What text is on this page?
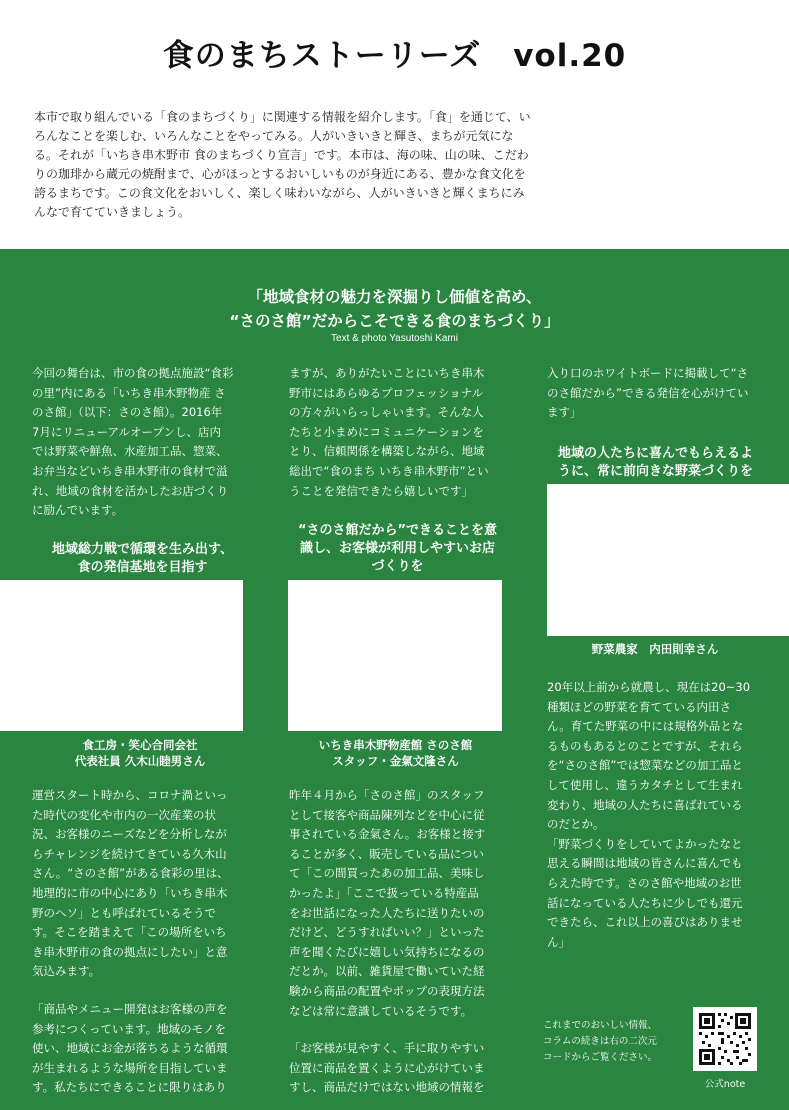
食のまちストーリーズ　vol.20
本市で取り組んでいる「食のまちづくり」に関連する情報を紹介します。「食」を通じて、いろんなことを楽しむ、いろんなことをやってみる。人がいきいきと輝き、まちが元気になる。それが「いちき串木野市 食のまちづくり宣言」です。本市は、海の味、山の味、こだわりの珈琲から蔵元の焼酎まで、心がほっとするおいしいものが身近にある、豊かな食文化を誇るまちです。この食文化をおいしく、楽しく味わいながら、人がいきいきと輝くまちにみんなで育てていきましょう。
「地域食材の魅力を深掘りし価値を高め、
“さのさ館”だからこそできる食のまちづくり」
Text & photo Yasutoshi Kami

今回の舞台は、市の食の拠点施設“食彩
の里”内にある「いちき串木野物産 さ
のさ館」（以下：さのさ館）。2016年
7月にリニューアルオープンし、店内
では野菜や鮮魚、水産加工品、惣菜、
お弁当などいちき串木野市の食材で溢
れ、地域の食材を活かしたお店づくり
に励んでいます。

地域総力戦で循環を生み出す、
食の発信基地を目指す
食工房・笑心合同会社
代表社員 久木山睦男さん

運営スタート時から、コロナ渦といっ
た時代の変化や市内の一次産業の状
況、お客様のニーズなどを分析しなが
らチャレンジを続けてきている久木山
さん。“さのさ館”がある食彩の里は、
地理的に市の中心にあり「いちき串木
野のヘソ」とも呼ばれているそうで
す。そこを踏まえて「この場所をいち
き串木野市の食の拠点にしたい」と意
気込みます。

「商品やメニュー開発はお客様の声を
参考につくっています。地域のモノを
使い、地域にお金が落ちるような循環
が生まれるような場所を目指していま
す。私たちにできることに限りはあり

ますが、ありがたいことにいちき串木
野市にはあらゆるプロフェッショナル
の方々がいらっしゃいます。そんな人
たちと小まめにコミュニケーションを
とり、信頼関係を構築しながら、地域
総出で“食のまち いちき串木野市”とい
うことを発信できたら嬉しいです」

“さのさ館だから”できることを意
識し、お客様が利用しやすいお店
づくりを
いちき串木野物産館 さのさ館
スタッフ・金氣文隆さん

昨年４月から「さのさ館」のスタッフ
として接客や商品陳列などを中心に従
事されている金氣さん。お客様と接す
ることが多く、販売している品につい
て「この間買ったあの加工品、美味し
かったよ」「ここで扱っている特産品
をお世話になった人たちに送りたいの
だけど、どうすればいい？」といった
声を聞くたびに嬉しい気持ちになるの
だとか。以前、雑貨屋で働いていた経
験から商品の配置やポップの表現方法
などは常に意識しているそうです。

「お客様が見やすく、手に取りやすい
位置に商品を置くように心がけていま
すし、商品だけではない地域の情報を

入り口のホワイトボードに掲載して“さ
のさ館だから”できる発信を心がけてい
ます」

地域の人たちに喜んでもらえるよ
うに、常に前向きな野菜づくりを
野菜農家　内田則幸さん

20年以上前から就農し、現在は20~30
種類ほどの野菜を育てている内田さ
ん。育てた野菜の中には規格外品とな
るものもあるとのことですが、それら
を“さのさ館”では惣菜などの加工品と
して使用し、違うカタチとして生まれ
変わり、地域の人たちに喜ばれている
のだとか。
「野菜づくりをしていてよかったなと
思える瞬間は地域の皆さんに喜んでも
らえた時です。さのさ館や地域のお世
話になっている人たちに少しでも還元
できたら、これ以上の喜びはありませ
ん」

これまでのおいしい情報、
コラムの続きは右の二次元
コードからご覧ください。
公式note
